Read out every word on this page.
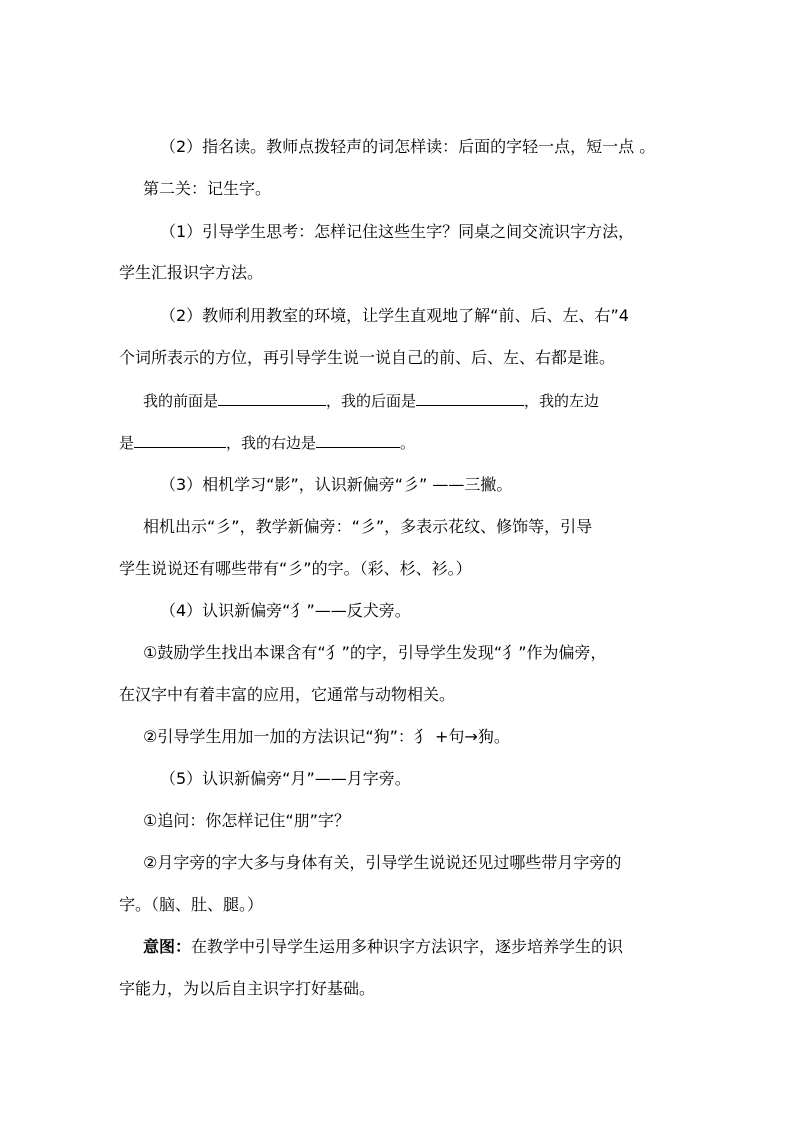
（2）指名读。教师点拨轻声的词怎样读：后面的字轻一点，短一点 。
第二关：记生字。
（1）引导学生思考：怎样记住这些生字？同桌之间交流识字方法，
学生汇报识字方法。
（2）教师利用教室的环境，让学生直观地了解“前、后、左、右”4
个词所表示的方位，再引导学生说一说自己的前、后、左、右都是谁。
我的前面是	，我的后面是	，我的左边
是	，我的右边是	。
（3）相机学习“影”，认识新偏旁“彡” ——三撇。
相机出示“彡”，教学新偏旁：“彡”，多表示花纹、修饰等，引导
学生说说还有哪些带有“彡”的字。（彩、杉、衫。）
（4）认识新偏旁“犭”——反犬旁。
①鼓励学生找出本课含有“犭”的字，引导学生发现“犭”作为偏旁，
在汉字中有着丰富的应用，它通常与动物相关。
②引导学生用加一加的方法识记“狗”：犭 +句→狗。
（5）认识新偏旁“月”——月字旁。
①追问：你怎样记住“朋”字？
②月字旁的字大多与身体有关，引导学生说说还见过哪些带月字旁的
字。（脑、肚、腿。）
意图：在教学中引导学生运用多种识字方法识字，逐步培养学生的识
字能力，为以后自主识字打好基础。
